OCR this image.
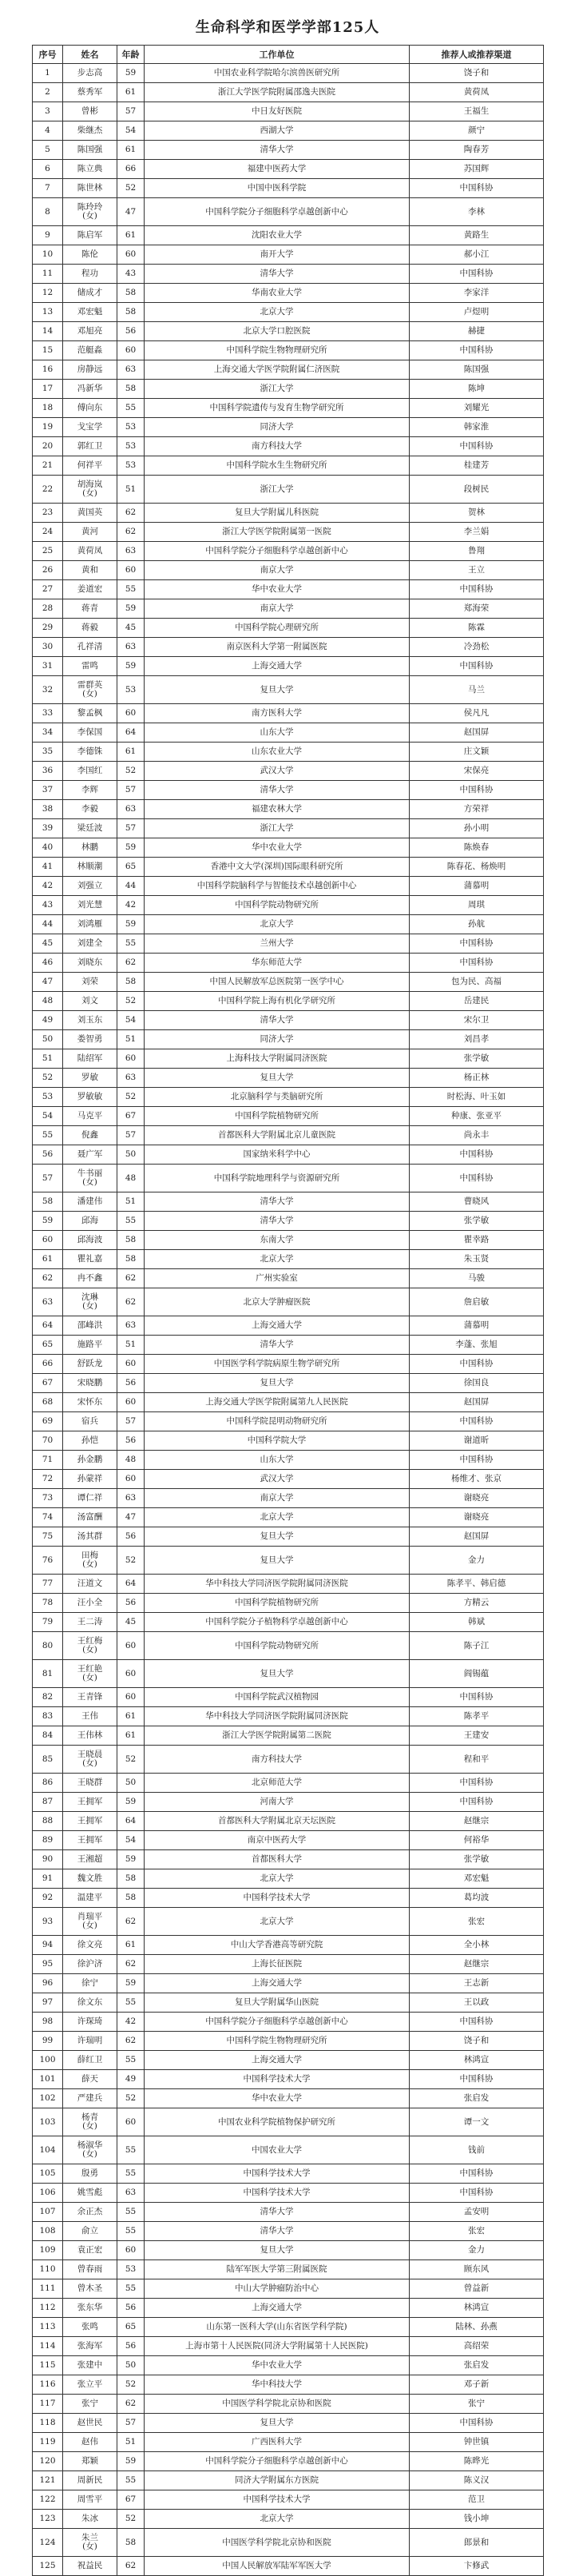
生命科学和医学学部125人
序号	姓名	年龄	工作单位	推荐人或推荐渠道
1	步志高	59	中国农业科学院哈尔滨兽医研究所	饶子和
2	蔡秀军	61	浙江大学医学院附属邵逸夫医院	黄荷凤
3	曾彬	57	中日友好医院	王福生
4	柴继杰	54	西湖大学	颜宁
5	陈国强	61	清华大学	陶春芳
6	陈立典	66	福建中医药大学	苏国辉
7	陈世林	52	中国中医科学院	中国科协
8	陈玲玲
(女)	47	中国科学院分子细胞科学卓越创新中心	李林
9	陈启军	61	沈阳农业大学	黄路生
10	陈伦	60	南开大学	郝小江
11	程功	43	清华大学	中国科协
12	储成才	58	华南农业大学	李家洋
13	邓宏魁	58	北京大学	卢煜明
14	邓旭亮	56	北京大学口腔医院	赫捷
15	范艇淼	60	中国科学院生物物理研究所	中国科协
16	房静远	63	上海交通大学医学院附属仁济医院	陈国强
17	冯新华	58	浙江大学	陈坤
18	傅向东	55	中国科学院遗传与发育生物学研究所	刘耀光
19	戈宝学	53	同济大学	韩家淮
20	郭红卫	53	南方科技大学	中国科协
21	何祥平	53	中国科学院水生生物研究所	桂建芳
22	胡海岚
(女)	51	浙江大学	段树民
23	黄国英	62	复旦大学附属儿科医院	贺林
24	黄河	62	浙江大学医学院附属第一医院	李兰娟
25	黄荷凤	63	中国科学院分子细胞科学卓越创新中心	鲁翔
26	黄和	60	南京大学	王立
27	姜道宏	55	华中农业大学	中国科协
28	蒋青	59	南京大学	郑海荣
29	蒋毅	45	中国科学院心理研究所	陈霖
30	孔祥清	63	南京医科大学第一附属医院	冷劲松
31	雷鸣	59	上海交通大学	中国科协
32	雷群英
(女)	53	复旦大学	马兰
33	黎孟枫	60	南方医科大学	侯凡凡
34	李保国	64	山东大学	赵国屏
35	李德铢	61	山东农业大学	庄文颖
36	李国红	52	武汉大学	宋保亮
37	李辉	57	清华大学	中国科协
38	李毅	63	福建农林大学	方荣祥
39	梁廷波	57	浙江大学	孙小明
40	林鹏	59	华中农业大学	陈焕春
41	林顺潮	65	香港中文大学(深圳)国际眼科研究所	陈春花、杨焕明
42	刘强立	44	中国科学院脑科学与智能技术卓越创新中心	蒲慕明
43	刘光慧	42	中国科学院动物研究所	周琪
44	刘鸿雁	59	北京大学	孙航
45	刘建全	55	兰州大学	中国科协
46	刘晓东	62	华东师范大学	中国科协
47	刘荣	58	中国人民解放军总医院第一医学中心	包为民、高福
48	刘文	52	中国科学院上海有机化学研究所	岳建民
49	刘玉东	54	清华大学	宋尔卫
50	娄智勇	51	同济大学	刘昌孝
51	陆绍军	60	上海科技大学附属同济医院	张学敏
52	罗敏	63	复旦大学	杨正林
53	罗敏敏	52	北京脑科学与类脑研究所	时松海、叶玉如
54	马克平	67	中国科学院植物研究所	种康、张亚平
55	倪鑫	57	首都医科大学附属北京儿童医院	尚永丰
56	聂广军	50	国家纳米科学中心	中国科协
57	牛书丽
(女)	48	中国科学院地理科学与资源研究所	中国科协
58	潘建伟	51	清华大学	曹晓风
59	邱海	55	清华大学	张学敏
60	邱海波	58	东南大学	瞿幸路
61	瞿礼嘉	58	北京大学	朱玉贤
62	冉不鑫	62	广州实验室	马骏
63	沈琳
(女)	62	北京大学肿瘤医院	詹启敏
64	邵峰洪	63	上海交通大学	蒲慕明
65	施路平	51	清华大学	李蓬、张旭
66	舒跃龙	60	中国医学科学院病原生物学研究所	中国科协
67	宋晓鹏	56	复旦大学	徐国良
68	宋怀东	60	上海交通大学医学院附属第九人民医院	赵国屏
69	宿兵	57	中国科学院昆明动物研究所	中国科协
70	孙恺	56	中国科学院大学	谢道昕
71	孙金鹏	48	山东大学	中国科协
72	孙蒙祥	60	武汉大学	杨维才、张京
73	谭仁祥	63	南京大学	谢晓亮
74	汤富酬	47	北京大学	谢晓亮
75	汤其群	56	复旦大学	赵国屏
76	田梅
(女)	52	复旦大学	金力
77	汪道文	64	华中科技大学同济医学院附属同济医院	陈孝平、韩启德
78	汪小全	56	中国科学院植物研究所	方精云
79	王二涛	45	中国科学院分子植物科学卓越创新中心	韩斌
80	王红梅
(女)	60	中国科学院动物研究所	陈子江
81	王红艳
(女)	60	复旦大学	阎锡蕴
82	王青锋	60	中国科学院武汉植物园	中国科协
83	王伟	61	华中科技大学同济医学院附属同济医院	陈孝平
84	王伟林	61	浙江大学医学院附属第二医院	王建安
85	王晓晨
(女)	52	南方科技大学	程和平
86	王晓群	50	北京师范大学	中国科协
87	王拥军	59	河南大学	中国科协
88	王拥军	64	首都医科大学附属北京天坛医院	赵继宗
89	王拥军	54	南京中医药大学	何裕华
90	王湘超	59	首都医科大学	张学敏
91	魏文胜	58	北京大学	邓宏魁
92	温建平	58	中国科学技术大学	葛均波
93	肖瑞平
(女)	62	北京大学	张宏
94	徐文亮	61	中山大学香港高等研究院	全小林
95	徐沪济	62	上海长征医院	赵继宗
96	徐宁	59	上海交通大学	王志新
97	徐文东	55	复旦大学附属华山医院	王以政
98	许琛琦	42	中国科学院分子细胞科学卓越创新中心	中国科协
99	许瑞明	62	中国科学院生物物理研究所	饶子和
100	薛红卫	55	上海交通大学	林鸿宣
101	薛天	49	中国科学技术大学	中国科协
102	严建兵	52	华中农业大学	张启发
103	杨青
(女)	60	中国农业科学院植物保护研究所	谭一文
104	杨淑华
(女)	55	中国农业大学	钱前
105	殷勇	55	中国科学技术大学	中国科协
106	姚雪彪	63	中国科学技术大学	中国科协
107	余正杰	55	清华大学	孟安明
108	俞立	55	清华大学	张宏
109	袁正宏	60	复旦大学	金力
110	曾春雨	53	陆军军医大学第三附属医院	顾东风
111	曾木圣	55	中山大学肿瘤防治中心	曾益新
112	张东华	56	上海交通大学	林鸿宣
113	张鸣	65	山东第一医科大学(山东省医学科学院)	陆林、孙燕
114	张海军	56	上海市第十人民医院(同济大学附属第十人民医院)	高绍荣
115	张建中	50	华中农业大学	张启发
116	张立平	52	华中科技大学	邓子新
117	张宁	62	中国医学科学院北京协和医院	张宁
118	赵世民	57	复旦大学	中国科协
119	赵伟	51	广西医科大学	钟世镇
120	郑颖	59	中国科学院分子细胞科学卓越创新中心	陈晔光
121	周新民	55	同济大学附属东方医院	陈义汉
122	周雪平	67	中国科学技术大学	范卫
123	朱冰	52	北京大学	钱小坤
124	朱兰
(女)	58	中国医学科学院北京协和医院	郎景和
125	祝益民	62	中国人民解放军陆军军医大学	卞修武
